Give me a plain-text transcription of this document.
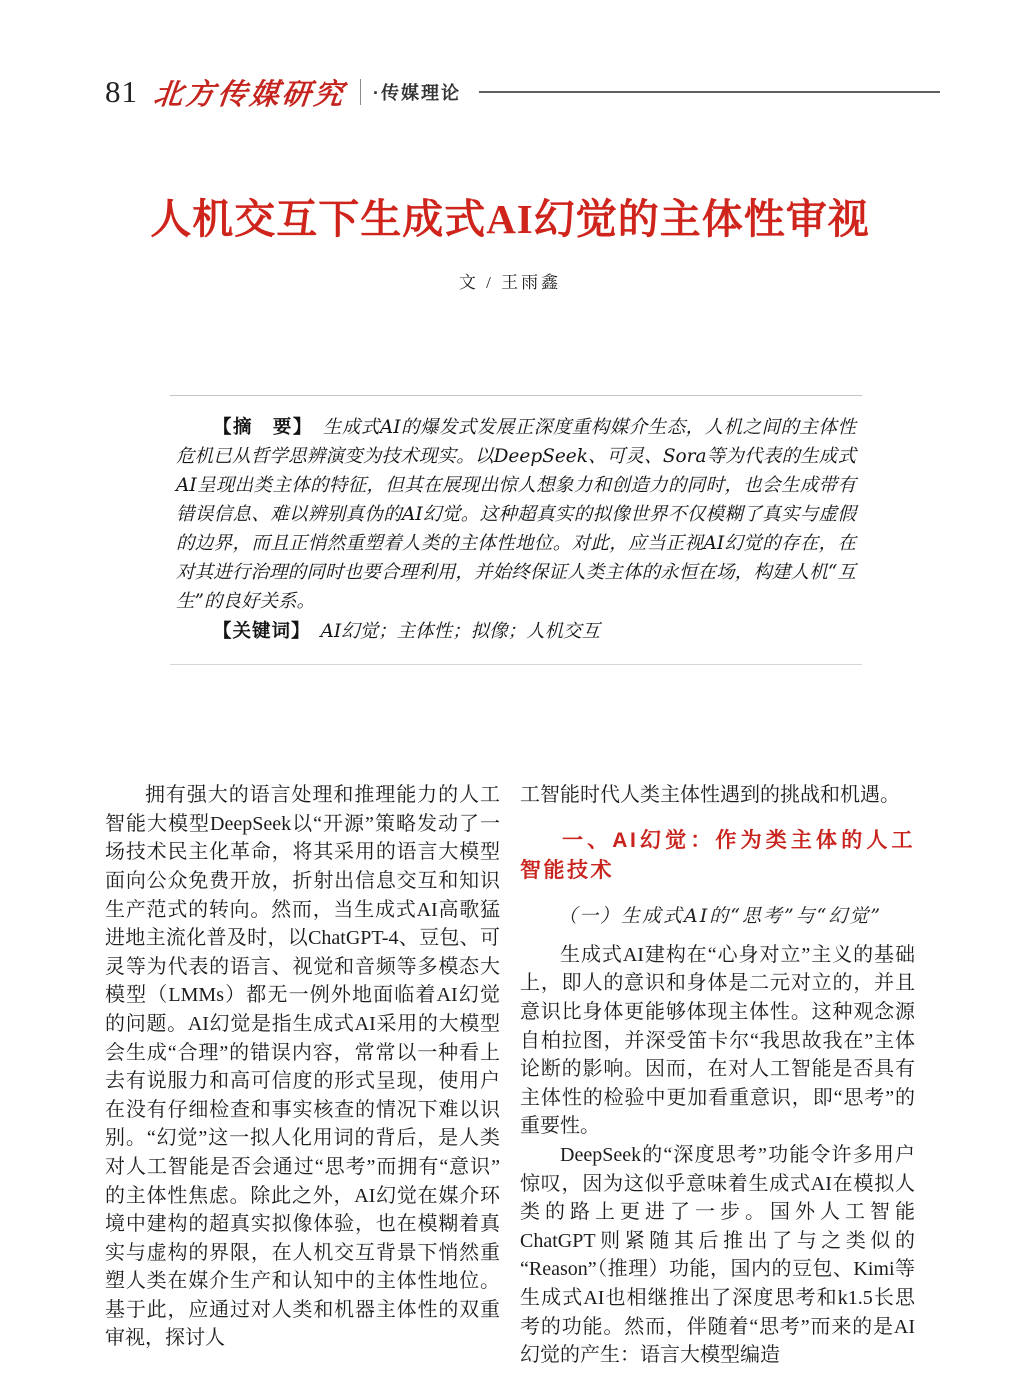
81 北方传媒研究 ·传媒理论
人机交互下生成式AI幻觉的主体性审视
文 / 王雨鑫

【摘　要】 生成式AI的爆发式发展正深度重构媒介生态，人机之间的主体性危机已从哲学思辨演变为技术现实。以DeepSeek、可灵、Sora等为代表的生成式AI呈现出类主体的特征，但其在展现出惊人想象力和创造力的同时，也会生成带有错误信息、难以辨别真伪的AI幻觉。这种超真实的拟像世界不仅模糊了真实与虚假的边界，而且正悄然重塑着人类的主体性地位。对此，应当正视AI幻觉的存在，在对其进行治理的同时也要合理利用，并始终保证人类主体的永恒在场，构建人机“互生”的良好关系。

【关键词】 AI幻觉；主体性；拟像；人机交互

拥有强大的语言处理和推理能力的人工智能大模型DeepSeek以“开源”策略发动了一场技术民主化革命，将其采用的语言大模型面向公众免费开放，折射出信息交互和知识生产范式的转向。然而，当生成式AI高歌猛进地主流化普及时，以ChatGPT-4、豆包、可灵等为代表的语言、视觉和音频等多模态大模型（LMMs）都无一例外地面临着AI幻觉的问题。AI幻觉是指生成式AI采用的大模型会生成“合理”的错误内容，常常以一种看上去有说服力和高可信度的形式呈现，使用户在没有仔细检查和事实核查的情况下难以识别。“幻觉”这一拟人化用词的背后，是人类对人工智能是否会通过“思考”而拥有“意识”的主体性焦虑。除此之外，AI幻觉在媒介环境中建构的超真实拟像体验，也在模糊着真实与虚构的界限，在人机交互背景下悄然重塑人类在媒介生产和认知中的主体性地位。基于此，应通过对人类和机器主体性的双重审视，探讨人

工智能时代人类主体性遇到的挑战和机遇。

一、AI幻觉：作为类主体的人工智能技术
（一）生成式AI的“思考”与“幻觉”

生成式AI建构在“心身对立”主义的基础上，即人的意识和身体是二元对立的，并且意识比身体更能够体现主体性。这种观念源自柏拉图，并深受笛卡尔“我思故我在”主体论断的影响。因而，在对人工智能是否具有主体性的检验中更加看重意识，即“思考”的重要性。

DeepSeek的“深度思考”功能令许多用户惊叹，因为这似乎意味着生成式AI在模拟人类的路上更进了一步。国外人工智能ChatGPT则紧随其后推出了与之类似的“Reason”（推理）功能，国内的豆包、Kimi等生成式AI也相继推出了深度思考和k1.5长思考的功能。然而，伴随着“思考”而来的是AI幻觉的产生：语言大模型编造
